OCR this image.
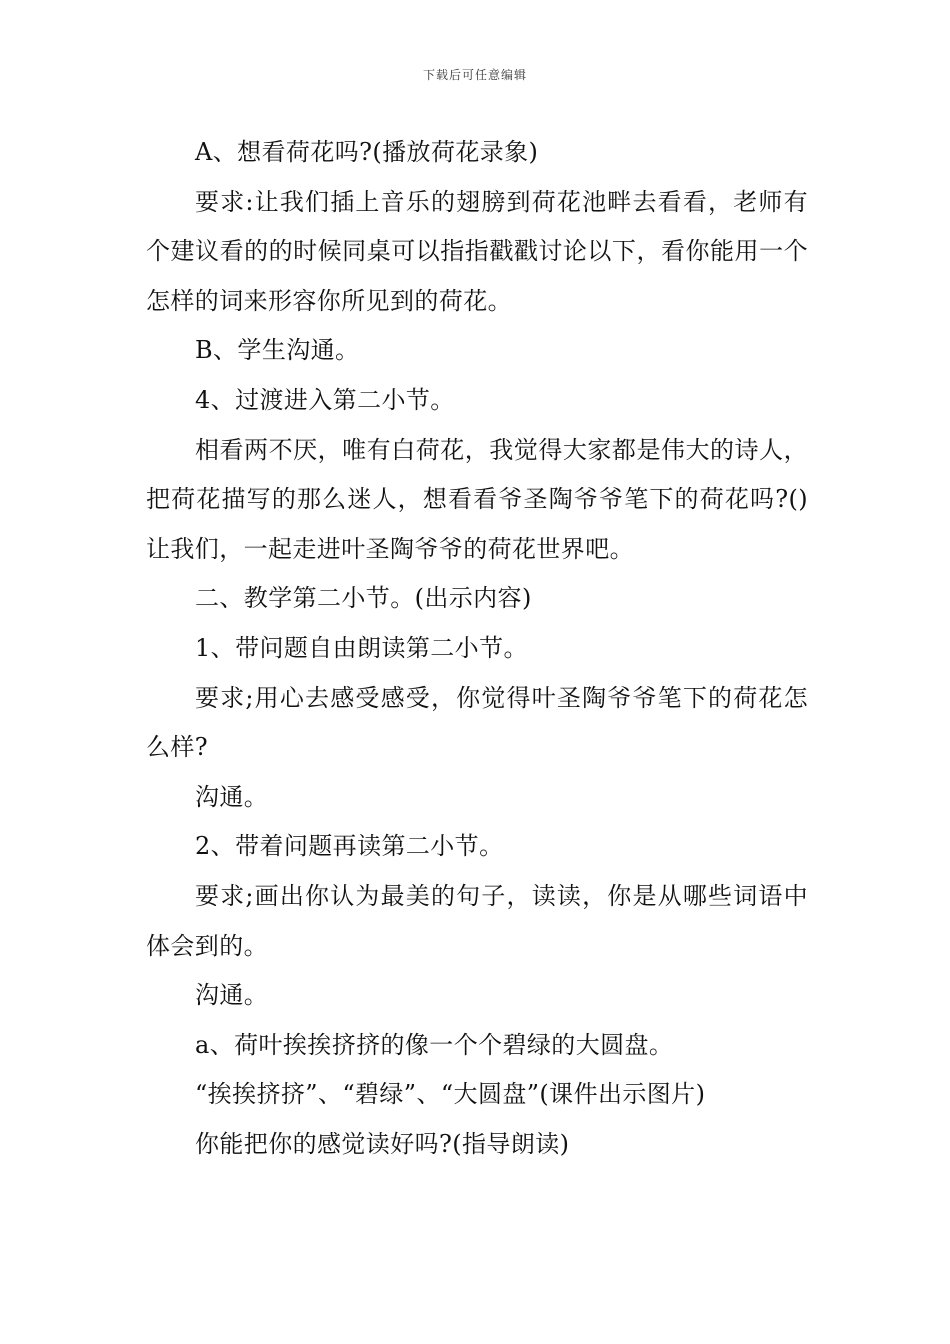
下载后可任意编辑

A、想看荷花吗?(播放荷花录象)

要求:让我们插上音乐的翅膀到荷花池畔去看看，老师有个建议看的的时候同桌可以指指戳戳讨论以下，看你能用一个怎样的词来形容你所见到的荷花。

B、学生沟通。

4、过渡进入第二小节。

相看两不厌，唯有白荷花，我觉得大家都是伟大的诗人，把荷花描写的那么迷人，想看看爷圣陶爷爷笔下的荷花吗?()让我们，一起走进叶圣陶爷爷的荷花世界吧。

二、教学第二小节。(出示内容)

1、带问题自由朗读第二小节。

要求;用心去感受感受，你觉得叶圣陶爷爷笔下的荷花怎么样?

沟通。

2、带着问题再读第二小节。

要求;画出你认为最美的句子，读读，你是从哪些词语中体会到的。

沟通。

a、荷叶挨挨挤挤的像一个个碧绿的大圆盘。

“挨挨挤挤”、“碧绿”、“大圆盘”(课件出示图片)

你能把你的感觉读好吗?(指导朗读)
